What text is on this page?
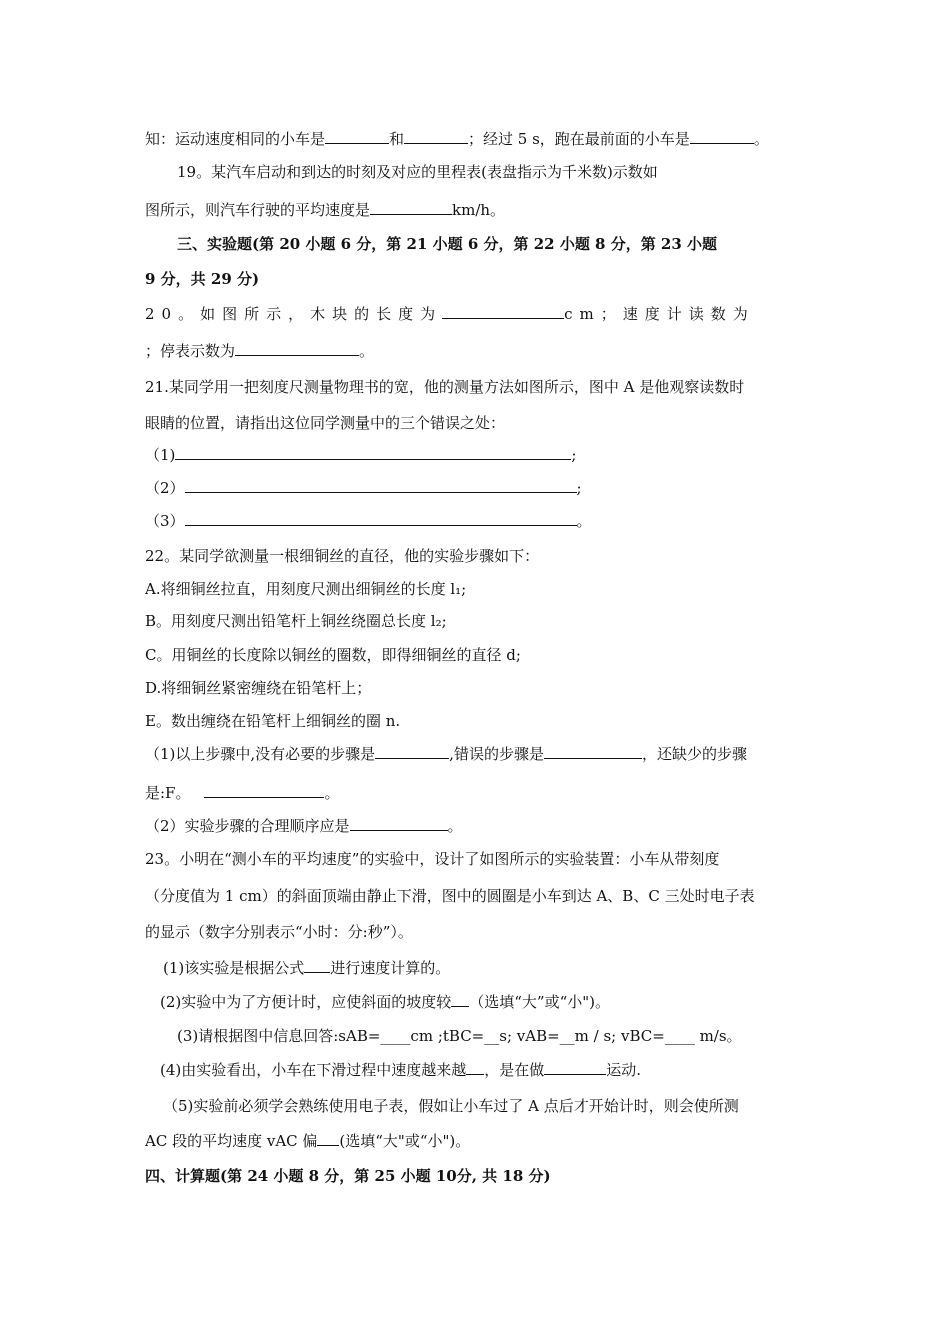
知：运动速度相同的小车是	和	；经过 5 s，跑在最前面的小车是	。
19。某汽车启动和到达的时刻及对应的里程表(表盘指示为千米数)示数如
图所示，则汽车行驶的平均速度是	km/h。
三、实验题(第 20 小题 6 分，第 21 小题 6 分，第 22 小题 8 分，第 23 小题
9 分，共 29 分)
20。如图所示，木块的长度为	cm；速度计读数为
；停表示数为	。
21.某同学用一把刻度尺测量物理书的宽，他的测量方法如图所示，图中 A 是他观察读数时
眼睛的位置，请指出这位同学测量中的三个错误之处：
（1)	;
（2）	;
（3）	。
22。某同学欲测量一根细铜丝的直径，他的实验步骤如下：
A.将细铜丝拉直，用刻度尺测出细铜丝的长度 l₁;
B。用刻度尺测出铅笔杆上铜丝绕圈总长度 l₂;
C。用铜丝的长度除以铜丝的圈数，即得细铜丝的直径 d;
D.将细铜丝紧密缠绕在铅笔杆上；
E。数出缠绕在铅笔杆上细铜丝的圈 n.
（1)以上步骤中,没有必要的步骤是	,错误的步骤是	，还缺少的步骤
是:F。	。
（2）实验步骤的合理顺序应是	。
23。小明在“测小车的平均速度”的实验中，设计了如图所示的实验装置：小车从带刻度
（分度值为 1 cm）的斜面顶端由静止下滑，图中的圆圈是小车到达 A、B、C 三处时电子表
的显示（数字分别表示“小时：分:秒”）。
(1)该实验是根据公式 进行速度计算的。
(2)实验中为了方便计时，应使斜面的坡度较 （选填“大”或“小")。
(3)请根据图中信息回答:sAB=____cm ;tBC=__s; vAB=__m / s; vBC=____ m/s。
(4)由实验看出，小车在下滑过程中速度越来越 ，是在做	运动.
（5)实验前必须学会熟练使用电子表，假如让小车过了 A 点后才开始计时，则会使所测
AC 段的平均速度 vAC 偏 (选填“大"或“小")。
四、计算题(第 24 小题 8 分，第 25 小题 10分, 共 18 分)
